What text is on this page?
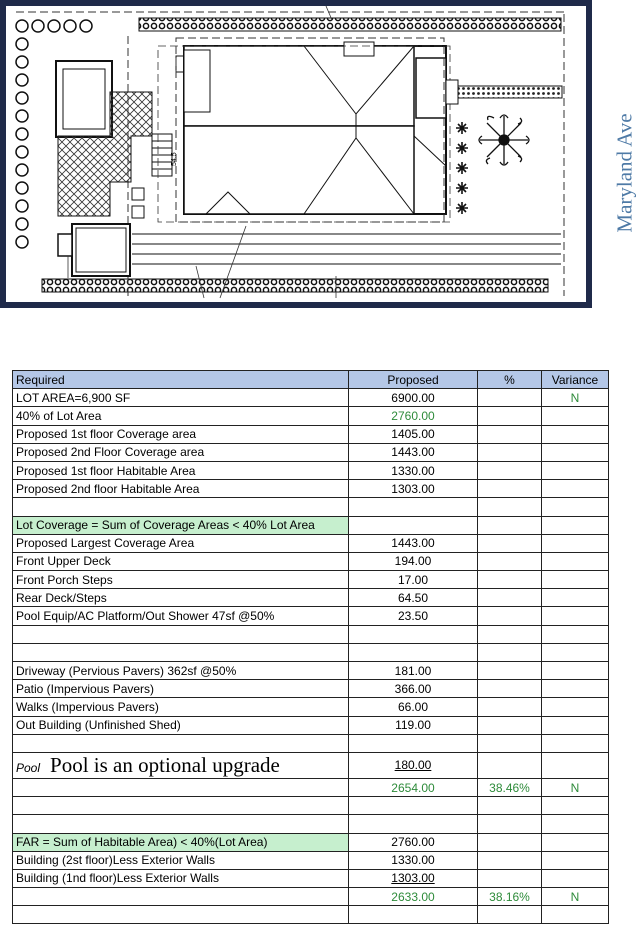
54.5	Maryland Ave
Required	Proposed	%	Variance
LOT AREA=6,900 SF	6900.00		N
40% of Lot Area	2760.00		
Proposed 1st floor Coverage area	1405.00		
Proposed 2nd Floor Coverage area	1443.00		
Proposed 1st floor Habitable Area	1330.00		
Proposed 2nd floor Habitable Area	1303.00		

Lot Coverage = Sum of Coverage Areas < 40% Lot Area			
Proposed Largest Coverage Area	1443.00		
Front Upper Deck	194.00		
Front Porch Steps	17.00		
Rear Deck/Steps	64.50		
Pool Equip/AC Platform/Out Shower 47sf @50%	23.50		

Driveway (Pervious Pavers) 362sf @50%	181.00		
Patio (Impervious Pavers)	366.00		
Walks (Impervious Pavers)	66.00		
Out Building (Unfinished Shed)	119.00		

Pool Pool is an optional upgrade	180.00		
	2654.00	38.46%	N

FAR = Sum of Habitable Area) < 40%(Lot Area)	2760.00		
Building (2st floor)Less Exterior Walls	1330.00		
Building (1nd floor)Less Exterior Walls	1303.00		
	2633.00	38.16%	N
